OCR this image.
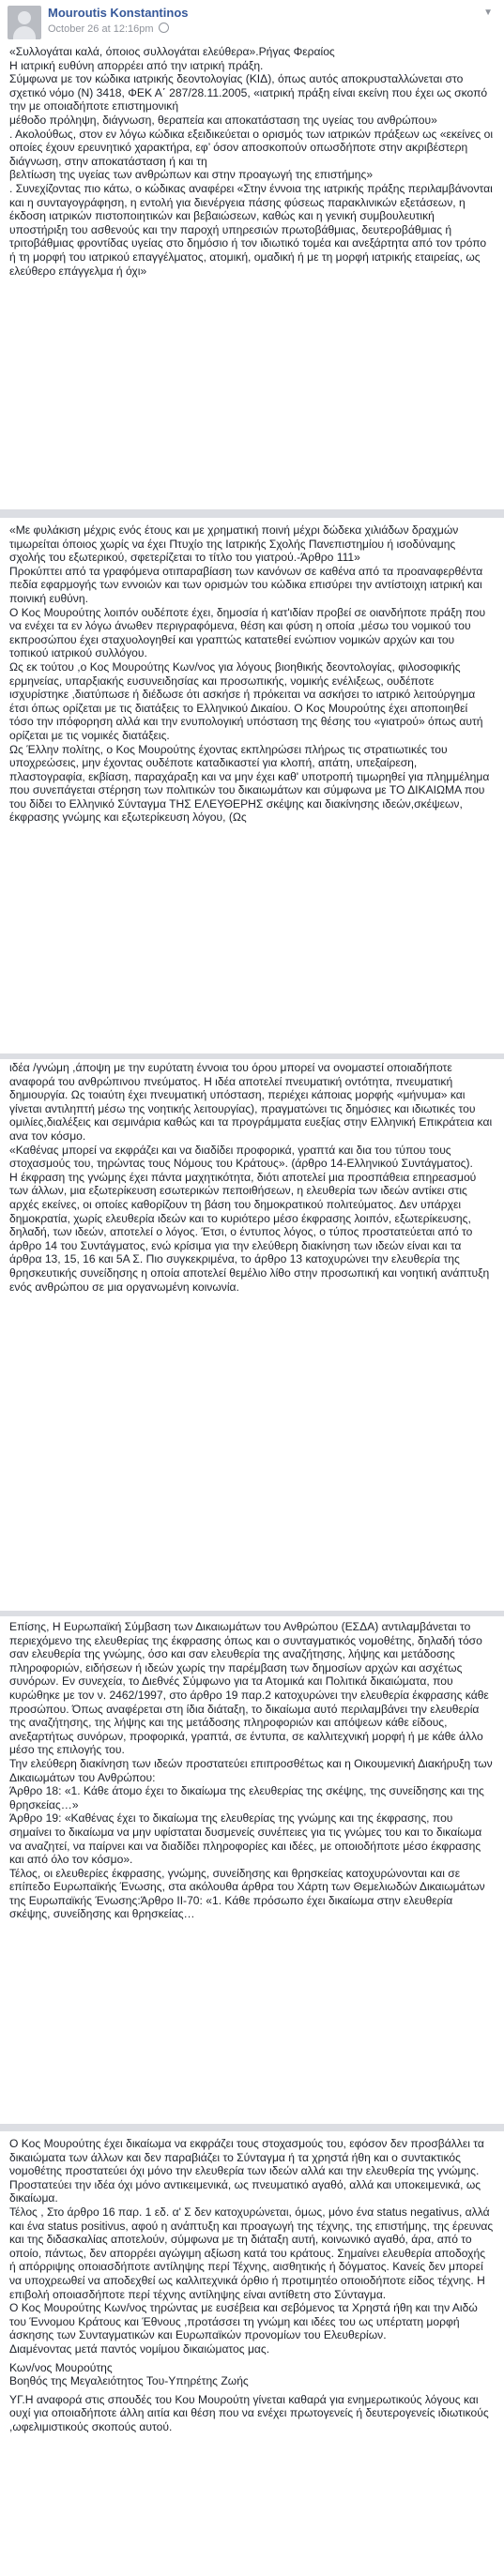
Mouroutis Konstantinos
October 26 at 12:16pm
▼

«Συλλογάται καλά, όποιος συλλογάται ελεύθερα».Ρήγας Φεραίος

Η ιατρική ευθύνη απορρέει από την ιατρική πράξη.

Σύμφωνα με τον κώδικα ιατρικής δεοντολογίας (ΚΙΔ), όπως αυτός αποκρυσταλλώνεται στο σχετικό νόμο (Ν) 3418, ΦΕΚ Α΄ 287/28.11.2005, «ιατρική πράξη είναι εκείνη που έχει ως σκοπό την με οποιαδήποτε επιστημονική

μέθοδο πρόληψη, διάγνωση, θεραπεία και αποκατάσταση της υγείας του ανθρώπου»

. Ακολούθως, στον εν λόγω κώδικα εξειδικεύεται ο ορισμός των ιατρικών πράξεων ως «εκείνες οι οποίες έχουν ερευνητικό χαρακτήρα, εφ’ όσον αποσκοπούν οπωσδήποτε στην ακριβέστερη διάγνωση, στην αποκατάσταση ή και τη

βελτίωση της υγείας των ανθρώπων και στην προαγωγή της επιστήμης»

. Συνεχίζοντας πιο κάτω, ο κώδικας αναφέρει «Στην έννοια της ιατρικής πράξης περιλαμβάνονται και η συνταγογράφηση, η εντολή για διενέργεια πάσης φύσεως παρακλινικών εξετάσεων, η έκδοση ιατρικών πιστοποιητικών και βεβαιώσεων, καθώς και η γενική συμβουλευτική υποστήριξη του ασθενούς και την παροχή υπηρεσιών πρωτοβάθμιας, δευτεροβάθμιας ή τριτοβάθμιας φροντίδας υγείας στο δημόσιο ή τον ιδιωτικό τομέα και ανεξάρτητα από τον τρόπο ή τη μορφή του ιατρικού επαγγέλματος, ατομική, ομαδική ή με τη μορφή ιατρικής εταιρείας, ως ελεύθερο επάγγελμα ή όχι»

«Με φυλάκιση μέχρις ενός έτους και με χρηματική ποινή μέχρι δώδεκα χιλιάδων δραχμών τιμωρείται όποιος χωρίς να έχει Πτυχίο της Ιατρικής Σχολής Πανεπιστημίου ή ισοδύναμης σχολής του εξωτερικού, σφετερίζεται το τίτλο του γιατρού.-Άρθρο 111»

Προκύπτει από τα γραφόμενα οτιπαραβίαση των κανόνων σε καθένα από τα προαναφερθέντα πεδία εφαρμογής των εννοιών και των ορισμών του κώδικα επισύρει την αντίστοιχη ιατρική και ποινική ευθύνη.

Ο Κος Μουρούτης λοιπόν ουδέποτε έχει, δημοσία ή κατ'ιδίαν προβεί σε οιανδήποτε πράξη που να ενέχει τα εν λόγω άνωθεν περιγραφόμενα, θέση και φύση η οποία ,μέσω του νομικού του εκπροσώπου έχει σταχυολογηθεί και γραπτώς κατατεθεί ενώπιον νομικών αρχών και του τοπικού ιατρικού συλλόγου.

Ως εκ τούτου ,ο Κος Μουρούτης Κων/νος για λόγους βιοηθικής δεοντολογίας, φιλοσοφικής ερμηνείας, υπαρξιακής ευσυνειδησίας και προσωπικής, νομικής ενέλιξεως, ουδέποτε ισχυρίστηκε ,διατύπωσε ή διέδωσε ότι ασκήσε ή πρόκειται να ασκήσει το ιατρικό λειτούργημα έτσι όπως ορίζεται με τις διατάξεις το Ελληνικού Δικαίου. Ο Κος Μουρούτης έχει αποποιηθεί τόσο την ιπόφορηση αλλά και την ενυπολογική υπόσταση της θέσης του «γιατρού» όπως αυτή ορίζεται με τις νομικές διατάξεις.

Ως Έλλην πολίτης, ο Κος Μουρούτης έχοντας εκπληρώσει πλήρως τις στρατιωτικές του υποχρεώσεις, μην έχοντας ουδέποτε καταδικαστεί για κλοπή, απάτη, υπεξαίρεση, πλαστογραφία, εκβίαση, παραχάραξη και να μην έχει καθ' υποτροπή τιμωρηθεί για πλημμέλημα που συνεπάγεται στέρηση των πολιτικών του δικαιωμάτων και σύμφωνα με ΤΟ ΔΙΚΑΙΩΜΑ που του δίδει το Ελληνικό Σύνταγμα ΤΗΣ ΕΛΕΥΘΕΡΗΣ σκέψης και διακίνησης ιδεών,σκέψεων, έκφρασης γνώμης και εξωτερίκευση λόγου, (Ως

ιδέα /γνώμη ,άποψη με την ευρύτατη έννοια του όρου μπορεί να ονομαστεί οποιαδήποτε αναφορά του ανθρώπινου πνεύματος. Η ιδέα αποτελεί πνευματική οντότητα, πνευματική δημιουργία. Ως τοιαύτη έχει πνευματική υπόσταση, περιέχει κάποιας μορφής «μήνυμα» και γίνεται αντιληπτή μέσω της νοητικής λειτουργίας), πραγματώνει τις δημόσιες και ιδιωτικές του ομιλίες,διαλέξεις και σεμινάρια καθώς και τα προγράμματα ευεξίας στην Ελληνική Επικράτεια και ανα τον κόσμο.

«Καθένας μπορεί να εκφράζει και να διαδίδει προφορικά, γραπτά και δια του τύπου τους στοχασμούς του, τηρώντας τους Νόμους του Κράτους». (άρθρο 14-Ελληνικού Συντάγματος).

Η έκφραση της γνώμης έχει πάντα μαχητικότητα, διότι αποτελεί μια προσπάθεια επηρεασμού των άλλων, μια εξωτερίκευση εσωτερικών πεποιθήσεων, η ελευθερία των ιδεών αντίκει στις αρχές εκείνες, οι οποίες καθορίζουν τη βάση του δημοκρατικού πολιτεύματος. Δεν υπάρχει δημοκρατία, χωρίς ελευθερία ιδεών και το κυριότερο μέσο έκφρασης λοιπόν, εξωτερίκευσης, δηλαδή, των ιδεών, αποτελεί ο λόγος. Έτσι, ο έντυπος λόγος, ο τύπος προστατεύεται από το άρθρο 14 του Συντάγματος, ενώ κρίσιμα για την ελεύθερη διακίνηση των ιδεών είναι και τα άρθρα 13, 15, 16 και 5Α Σ. Πιο συγκεκριμένα, το άρθρο 13 κατοχυρώνει την ελευθερία της θρησκευτικής συνείδησης η οποία αποτελεί θεμέλιο λίθο στην προσωπική και νοητική ανάπτυξη ενός ανθρώπου σε μια οργανωμένη κοινωνία.

Επίσης, Η Ευρωπαϊκή Σύμβαση των Δικαιωμάτων του Ανθρώπου (ΕΣΔΑ) αντιλαμβάνεται το περιεχόμενο της ελευθερίας της έκφρασης όπως και ο συνταγματικός νομοθέτης, δηλαδή τόσο σαν ελευθερία της γνώμης, όσο και σαν ελευθερία της αναζήτησης, λήψης και μετάδοσης πληροφοριών, ειδήσεων ή ιδεών χωρίς την παρέμβαση των δημοσίων αρχών και ασχέτως συνόρων. Εν συνεχεία, το Διεθνές Σύμφωνο για τα Ατομικά και Πολιτικά δικαιώματα, που κυρώθηκε με τον ν. 2462/1997, στο άρθρο 19 παρ.2 κατοχυρώνει την ελευθερία έκφρασης κάθε προσώπου. Όπως αναφέρεται στη ίδια διάταξη, το δικαίωμα αυτό περιλαμβάνει την ελευθερία της αναζήτησης, της λήψης και της μετάδοσης πληροφοριών και απόψεων κάθε είδους, ανεξαρτήτως συνόρων, προφορικά, γραπτά, σε έντυπα, σε καλλιτεχνική μορφή ή με κάθε άλλο μέσο της επιλογής του.

Την ελεύθερη διακίνηση των ιδεών προστατεύει επιπροσθέτως και η Οικουμενική Διακήρυξη των Δικαιωμάτων του Ανθρώπου:

Άρθρο 18: «1. Κάθε άτομο έχει το δικαίωμα της ελευθερίας της σκέψης, της συνείδησης και της θρησκείας…»

Άρθρο 19: «Καθένας έχει το δικαίωμα της ελευθερίας της γνώμης και της έκφρασης, που σημαίνει το δικαίωμα να μην υφίσταται δυσμενείς συνέπειες για τις γνώμες του και το δικαίωμα να αναζητεί, να παίρνει και να διαδίδει πληροφορίες και ιδέες, με οποιοδήποτε μέσο έκφρασης και από όλο τον κόσμο».

Τέλος, οι ελευθερίες έκφρασης, γνώμης, συνείδησης και θρησκείας κατοχυρώνονται και σε επίπεδο Ευρωπαϊκής Ένωσης, στα ακόλουθα άρθρα του Χάρτη των Θεμελιωδών Δικαιωμάτων της Ευρωπαϊκής Ένωσης:Άρθρο ΙΙ-70: «1. Κάθε πρόσωπο έχει δικαίωμα στην ελευθερία σκέψης, συνείδησης και θρησκείας…

Ο Κος Μουρούτης έχει δικαίωμα να εκφράζει τους στοχασμούς του, εφόσον δεν προσβάλλει τα δικαιώματα των άλλων και δεν παραβιάζει το Σύνταγμα ή τα χρηστά ήθη και ο συντακτικός νομοθέτης προστατεύει όχι μόνο την ελευθερία των ιδεών αλλά και την ελευθερία της γνώμης. Προστατεύει την ιδέα όχι μόνο αντικειμενικά, ως πνευματικό αγαθό, αλλά και υποκειμενικά, ως δικαίωμα.

Τέλος , Στο άρθρο 16 παρ. 1 εδ. α' Σ δεν κατοχυρώνεται, όμως, μόνο ένα status negativus, αλλά και ένα status positivus, αφού η ανάπτυξη και προαγωγή της τέχνης, της επιστήμης, της έρευνας και της διδασκαλίας αποτελούν, σύμφωνα με τη διάταξη αυτή, κοινωνικό αγαθό, άρα, από το οποίο, πάντως, δεν απορρέει αγώγιμη αξίωση κατά του κράτους. Σημαίνει ελευθερία αποδοχής ή απόρριψης οποιασδήποτε αντίληψης περί Τέχνης, αισθητικής ή δόγματος. Κανείς δεν μπορεί να υποχρεωθεί να αποδεχθεί ως καλλιτεχνικά όρθιο ή προτιμητέο οποιοδήποτε είδος τέχνης. Η επιβολή οποιασδήποτε περί τέχνης αντίληψης είναι αντίθετη στο Σύνταγμα.

Ο Κος Μουρούτης Κων/νος τηρώντας με ευσέβεια και σεβόμενος τα Χρηστά ήθη και την Αιδώ του Έννομου Κράτους και Έθνους ,προτάσσει τη γνώμη και ιδέες του ως υπέρτατη μορφή άσκησης των Συνταγματικών και Ευρωπαϊκών προνομίων του Ελευθερίων.

Διαμένοντας μετά παντός νομίμου δικαιώματος μας.

Κων/νος Μουρούτης

Βοηθός της Μεγαλειότητος Του-Υπηρέτης Ζωής

ΥΓ.Η αναφορά στις σπουδές του Κου Μουρούτη γίνεται καθαρά για ενημερωτικούς λόγους και ουχί για οποιαδήποτε άλλη αιτία και θέση που να ενέχει πρωτογενείς ή δευτερογενείς ιδιωτικούς ,ωφελιμιστικούς σκοπούς αυτού.
